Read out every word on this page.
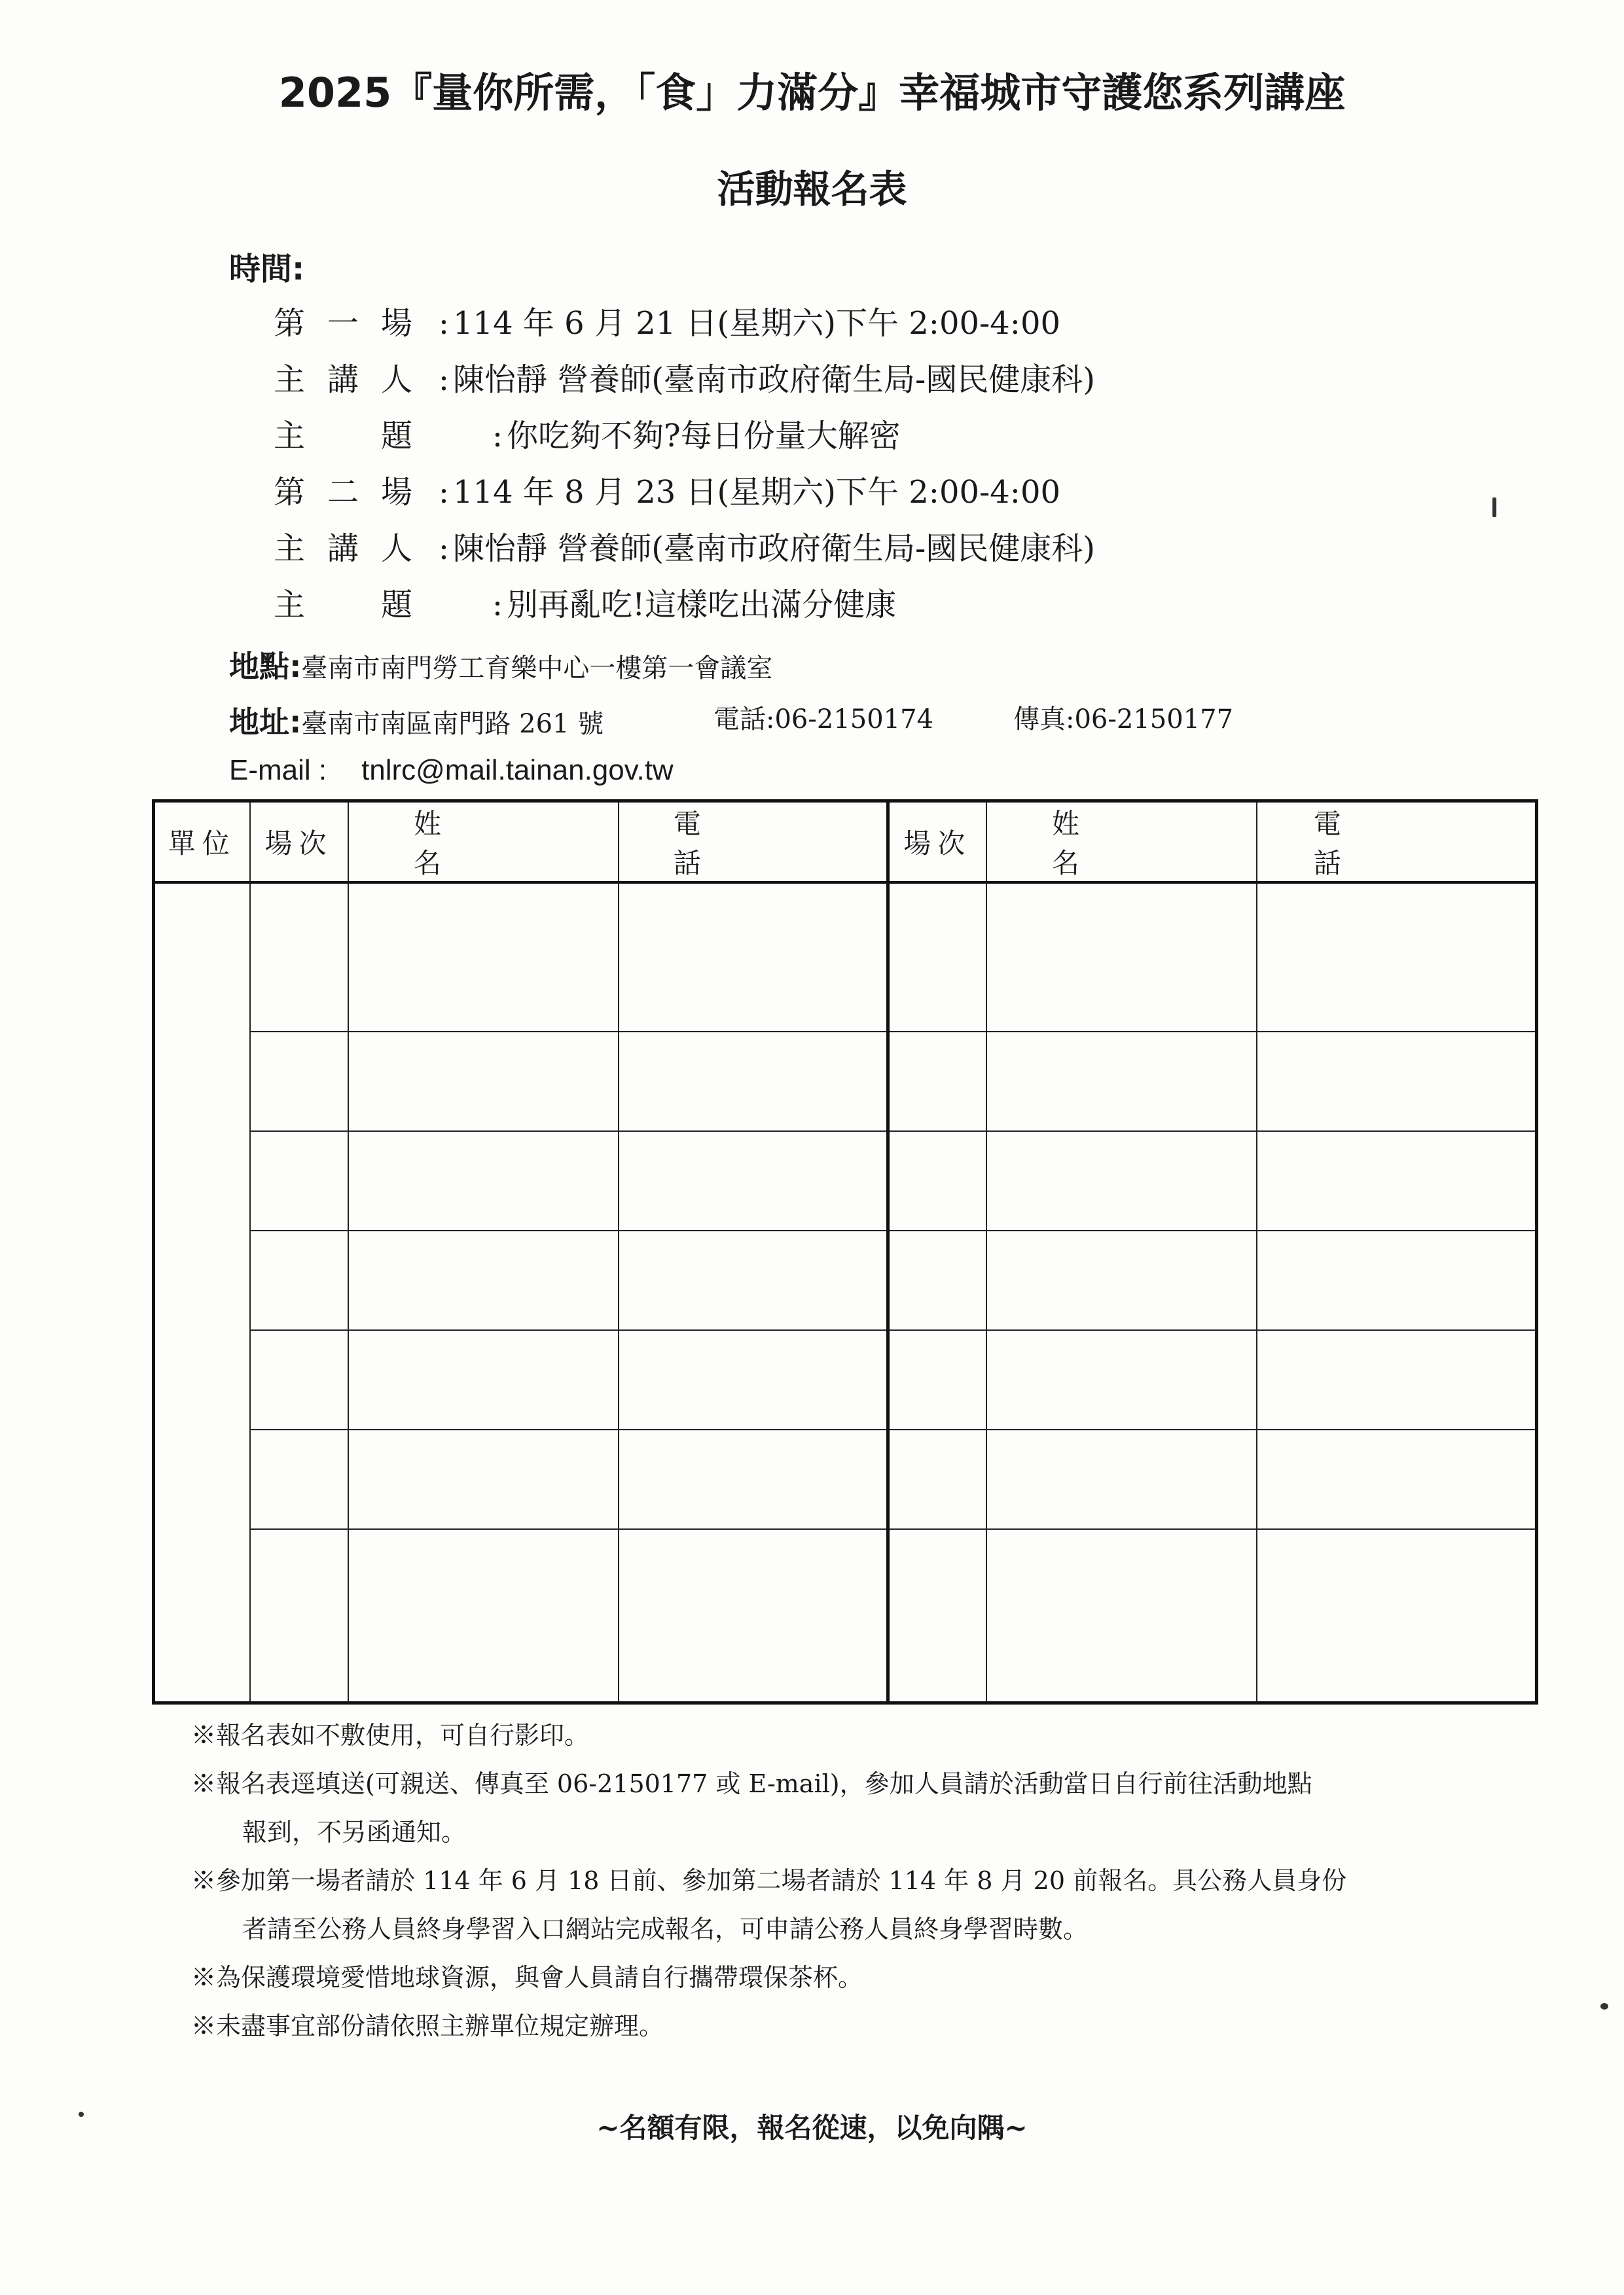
2025『量你所需，「食」力滿分』幸福城市守護您系列講座
活動報名表
時間:
第一場 : 114 年 6 月 21 日(星期六)下午 2:00-4:00
主講人 : 陳怡靜 營養師(臺南市政府衛生局-國民健康科)
主題 : 你吃夠不夠?每日份量大解密
第二場 : 114 年 8 月 23 日(星期六)下午 2:00-4:00
主講人 : 陳怡靜 營養師(臺南市政府衛生局-國民健康科)
主題 : 別再亂吃!這樣吃出滿分健康
地點:臺南市南門勞工育樂中心一樓第一會議室
地址:臺南市南區南門路 261 號	電話:06-2150174	傳真:06-2150177
E-mail : tnlrc@mail.tainan.gov.tw
單位	場次	姓名	電話	場次	姓名	電話

※報名表如不敷使用，可自行影印。
※報名表逕填送(可親送、傳真至 06-2150177 或 E-mail)，參加人員請於活動當日自行前往活動地點
報到，不另函通知。
※參加第一場者請於 114 年 6 月 18 日前、參加第二場者請於 114 年 8 月 20 前報名。具公務人員身份
者請至公務人員終身學習入口網站完成報名，可申請公務人員終身學習時數。
※為保護環境愛惜地球資源，與會人員請自行攜帶環保茶杯。
※未盡事宜部份請依照主辦單位規定辦理。
~名額有限，報名從速，以免向隅~
